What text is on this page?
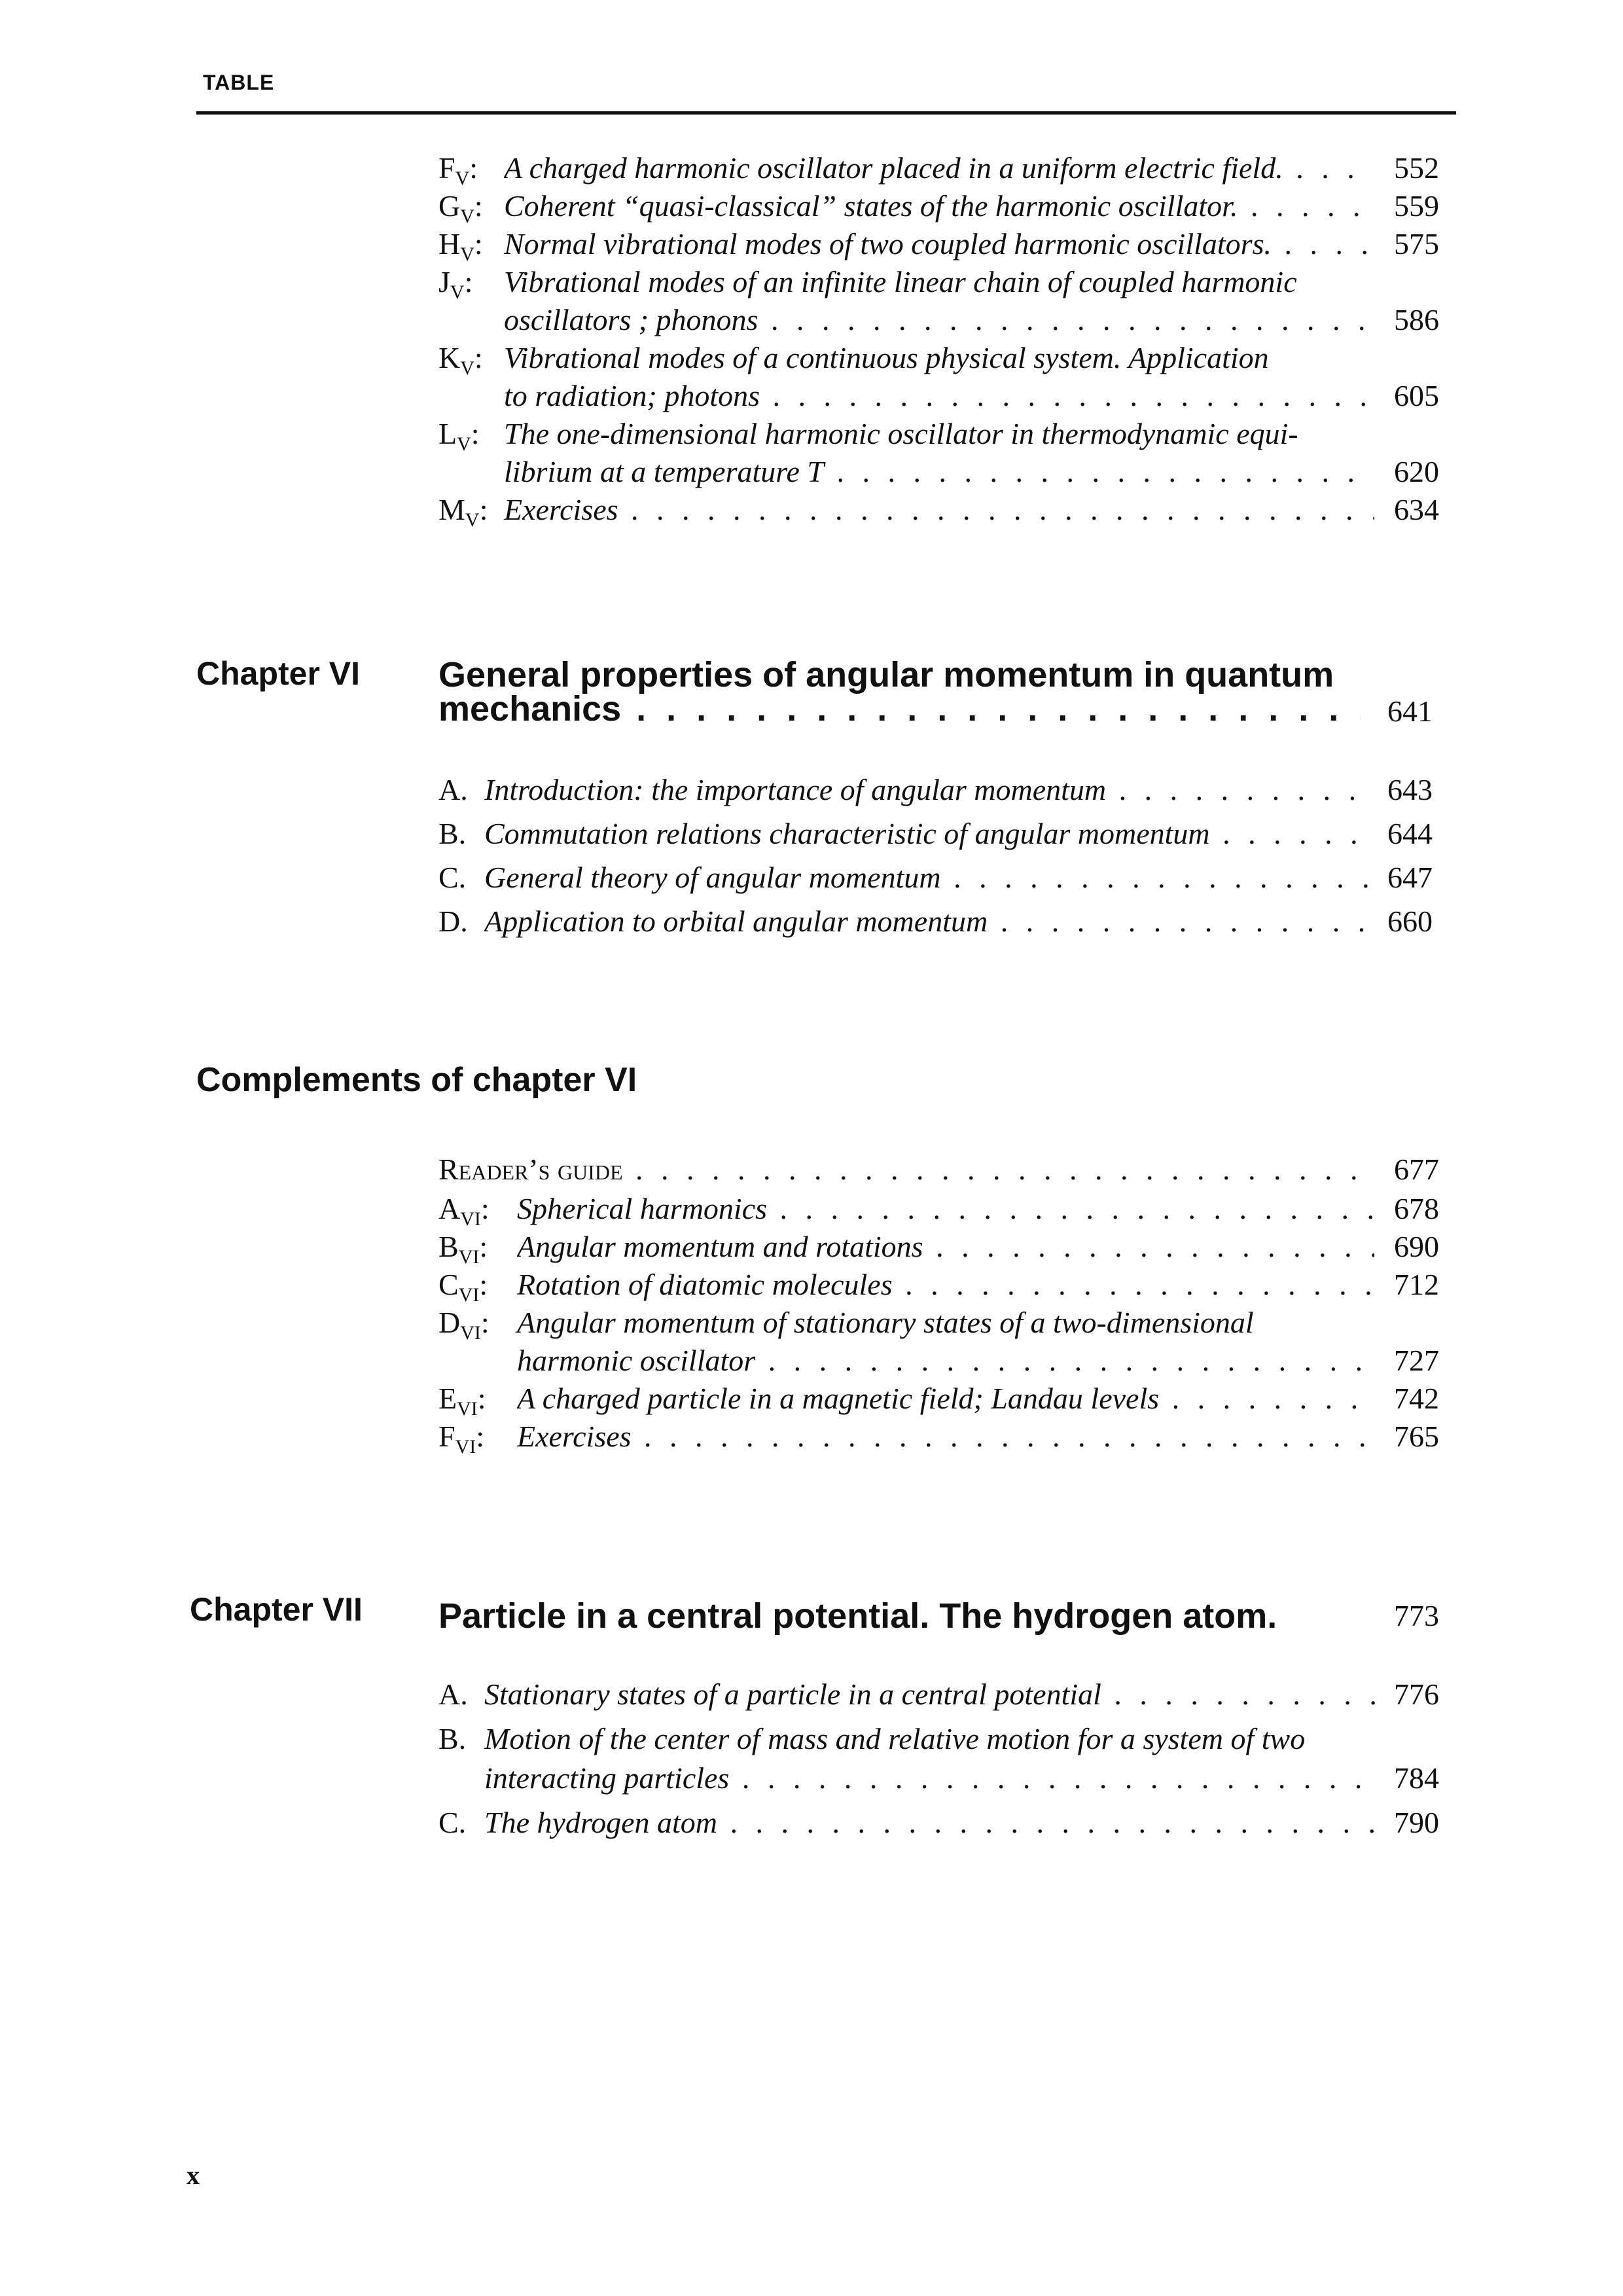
TABLE
$F_V$: A charged harmonic oscillator placed in a uniform electric field. . . .	552
$G_V$: Coherent “quasi-classical” states of the harmonic oscillator. . . .	559
$H_V$: Normal vibrational modes of two coupled harmonic oscillators. . . .	575
$J_V$: Vibrational modes of an infinite linear chain of coupled harmonic
oscillators ; phonons . . .	586
$K_V$: Vibrational modes of a continuous physical system. Application
to radiation; photons . . .	605
$L_V$: The one-dimensional harmonic oscillator in thermodynamic equi-
librium at a temperature T . . .	620
$M_V$: Exercises . . .	634
Chapter VI General properties of angular momentum in quantum
mechanics . . .	641
A. Introduction: the importance of angular momentum . . .	643
B. Commutation relations characteristic of angular momentum . . .	644
C. General theory of angular momentum . . .	647
D. Application to orbital angular momentum . . .	660
Complements of chapter VI
Reader’s guide . . .	677
$A_{VI}$: Spherical harmonics . . .	678
$B_{VI}$: Angular momentum and rotations . . .	690
$C_{VI}$: Rotation of diatomic molecules . . .	712
$D_{VI}$: Angular momentum of stationary states of a two-dimensional
harmonic oscillator . . .	727
$E_{VI}$: A charged particle in a magnetic field; Landau levels . . .	742
$F_{VI}$: Exercises . . .	765
Chapter VII Particle in a central potential. The hydrogen atom.	773
A. Stationary states of a particle in a central potential . . .	776
B. Motion of the center of mass and relative motion for a system of two
interacting particles . . .	784
C. The hydrogen atom . . .	790
x
